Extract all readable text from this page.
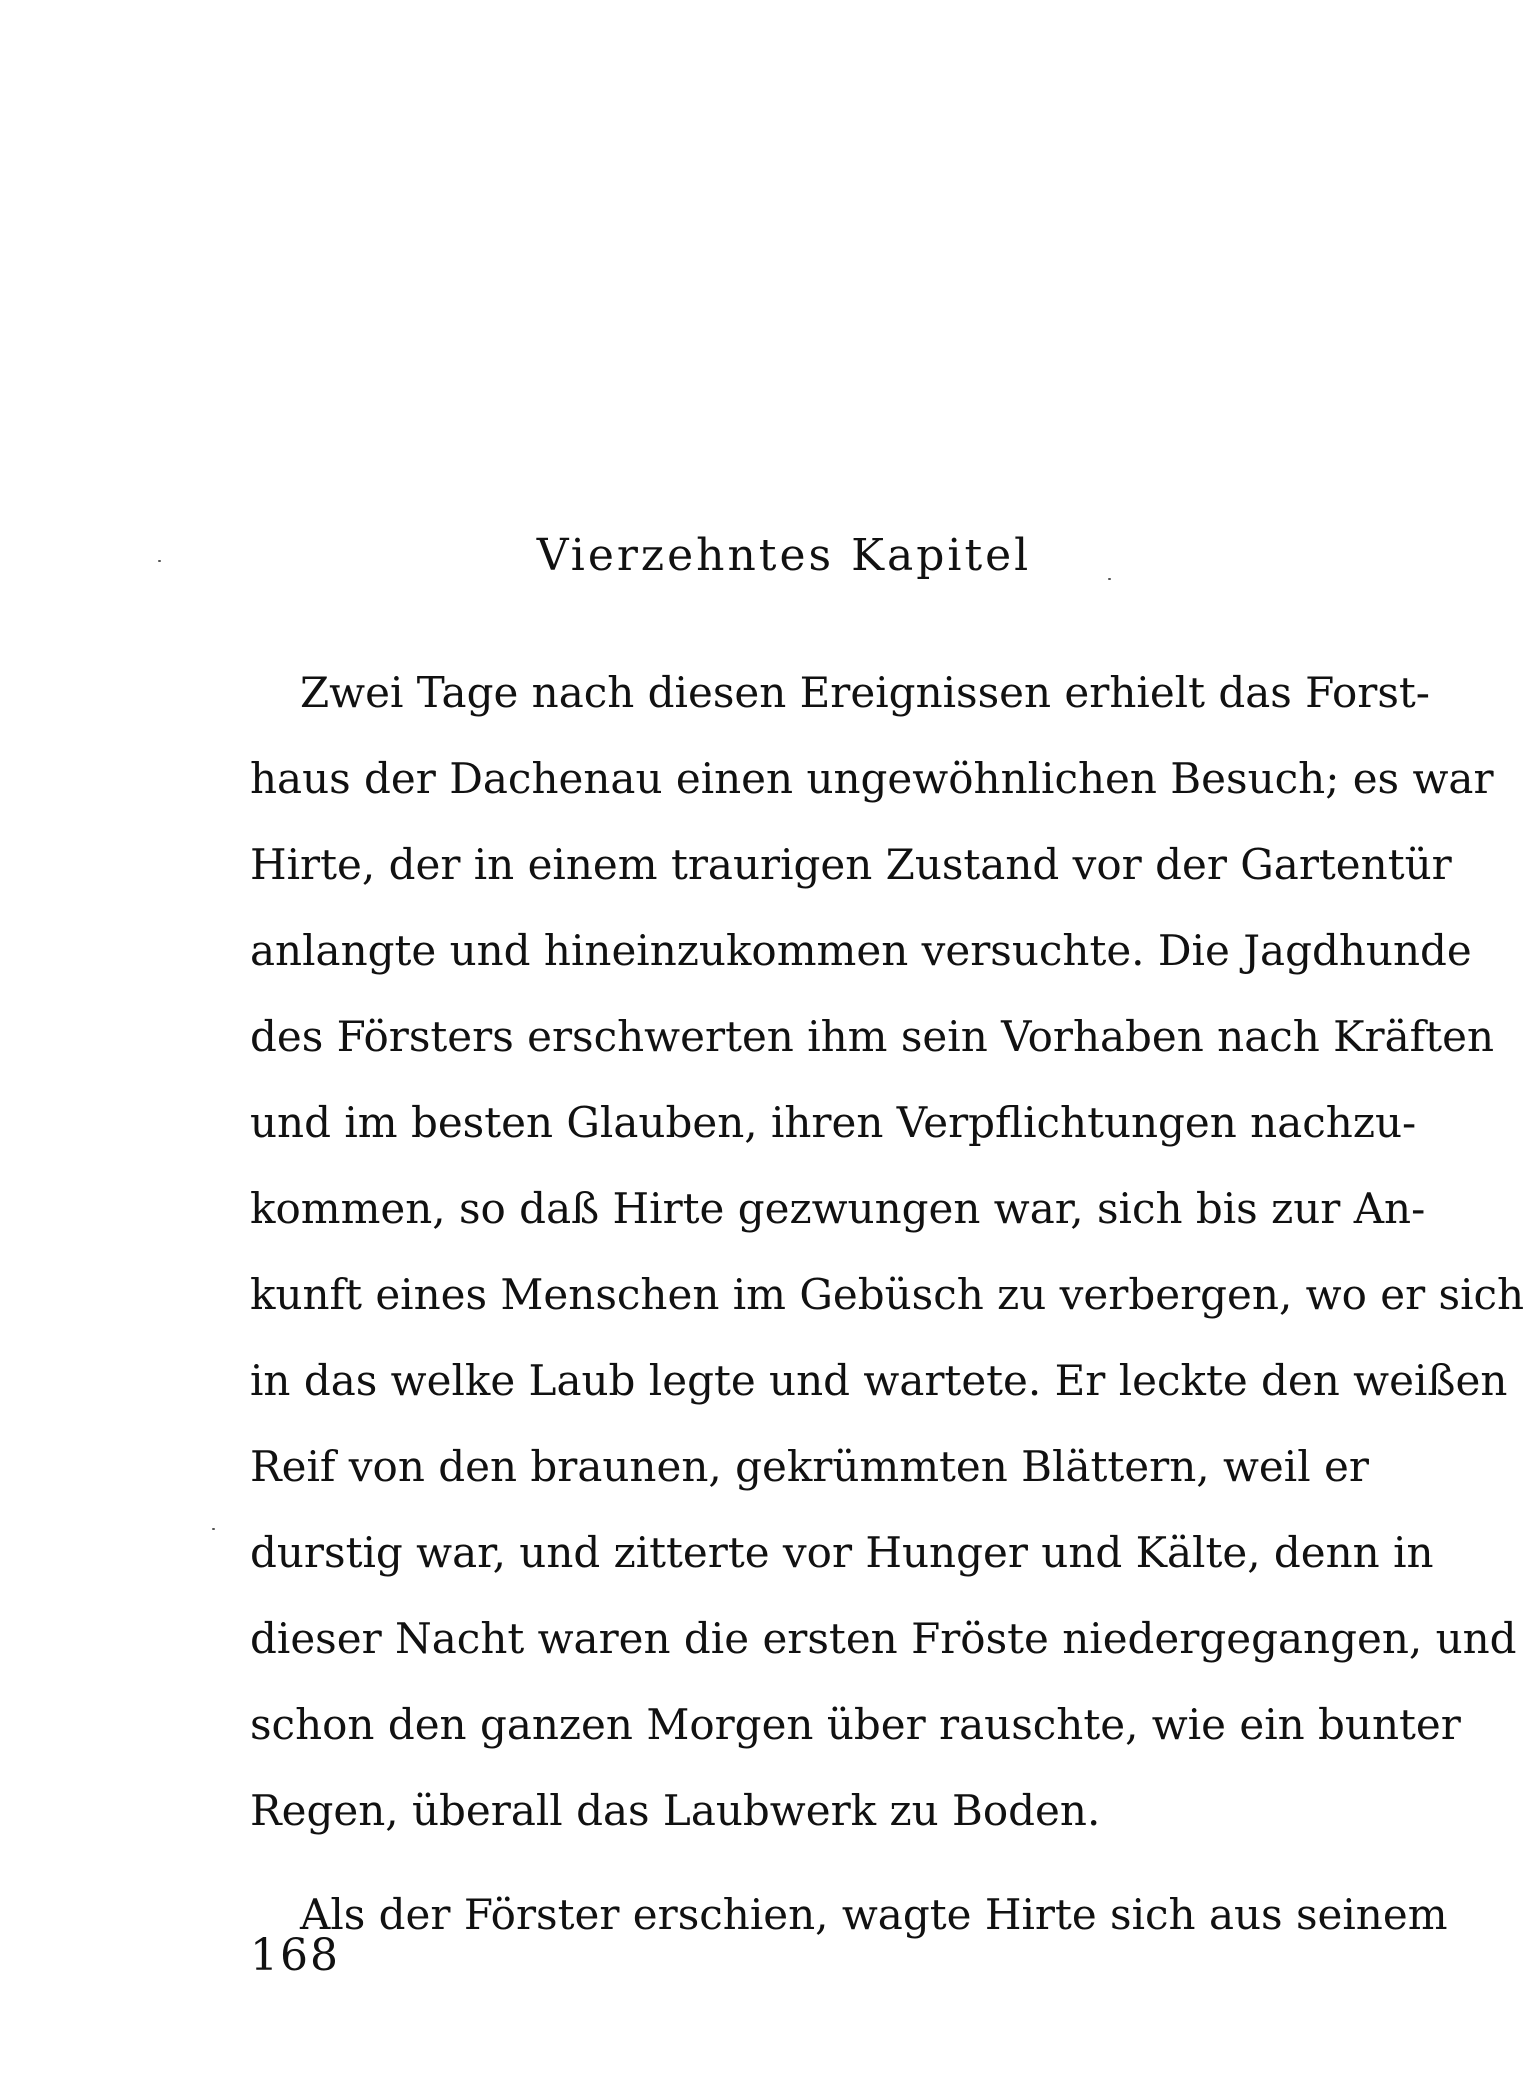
Vierzehntes Kapitel
Zwei Tage nach diesen Ereignissen erhielt das Forst-
haus der Dachenau einen ungewöhnlichen Besuch; es war
Hirte, der in einem traurigen Zustand vor der Gartentür
anlangte und hineinzukommen versuchte. Die Jagdhunde
des Försters erschwerten ihm sein Vorhaben nach Kräften
und im besten Glauben, ihren Verpflichtungen nachzu-
kommen, so daß Hirte gezwungen war, sich bis zur An-
kunft eines Menschen im Gebüsch zu verbergen, wo er sich
in das welke Laub legte und wartete. Er leckte den weißen
Reif von den braunen, gekrümmten Blättern, weil er
durstig war, und zitterte vor Hunger und Kälte, denn in
dieser Nacht waren die ersten Fröste niedergegangen, und
schon den ganzen Morgen über rauschte, wie ein bunter
Regen, überall das Laubwerk zu Boden.
Als der Förster erschien, wagte Hirte sich aus seinem
168
